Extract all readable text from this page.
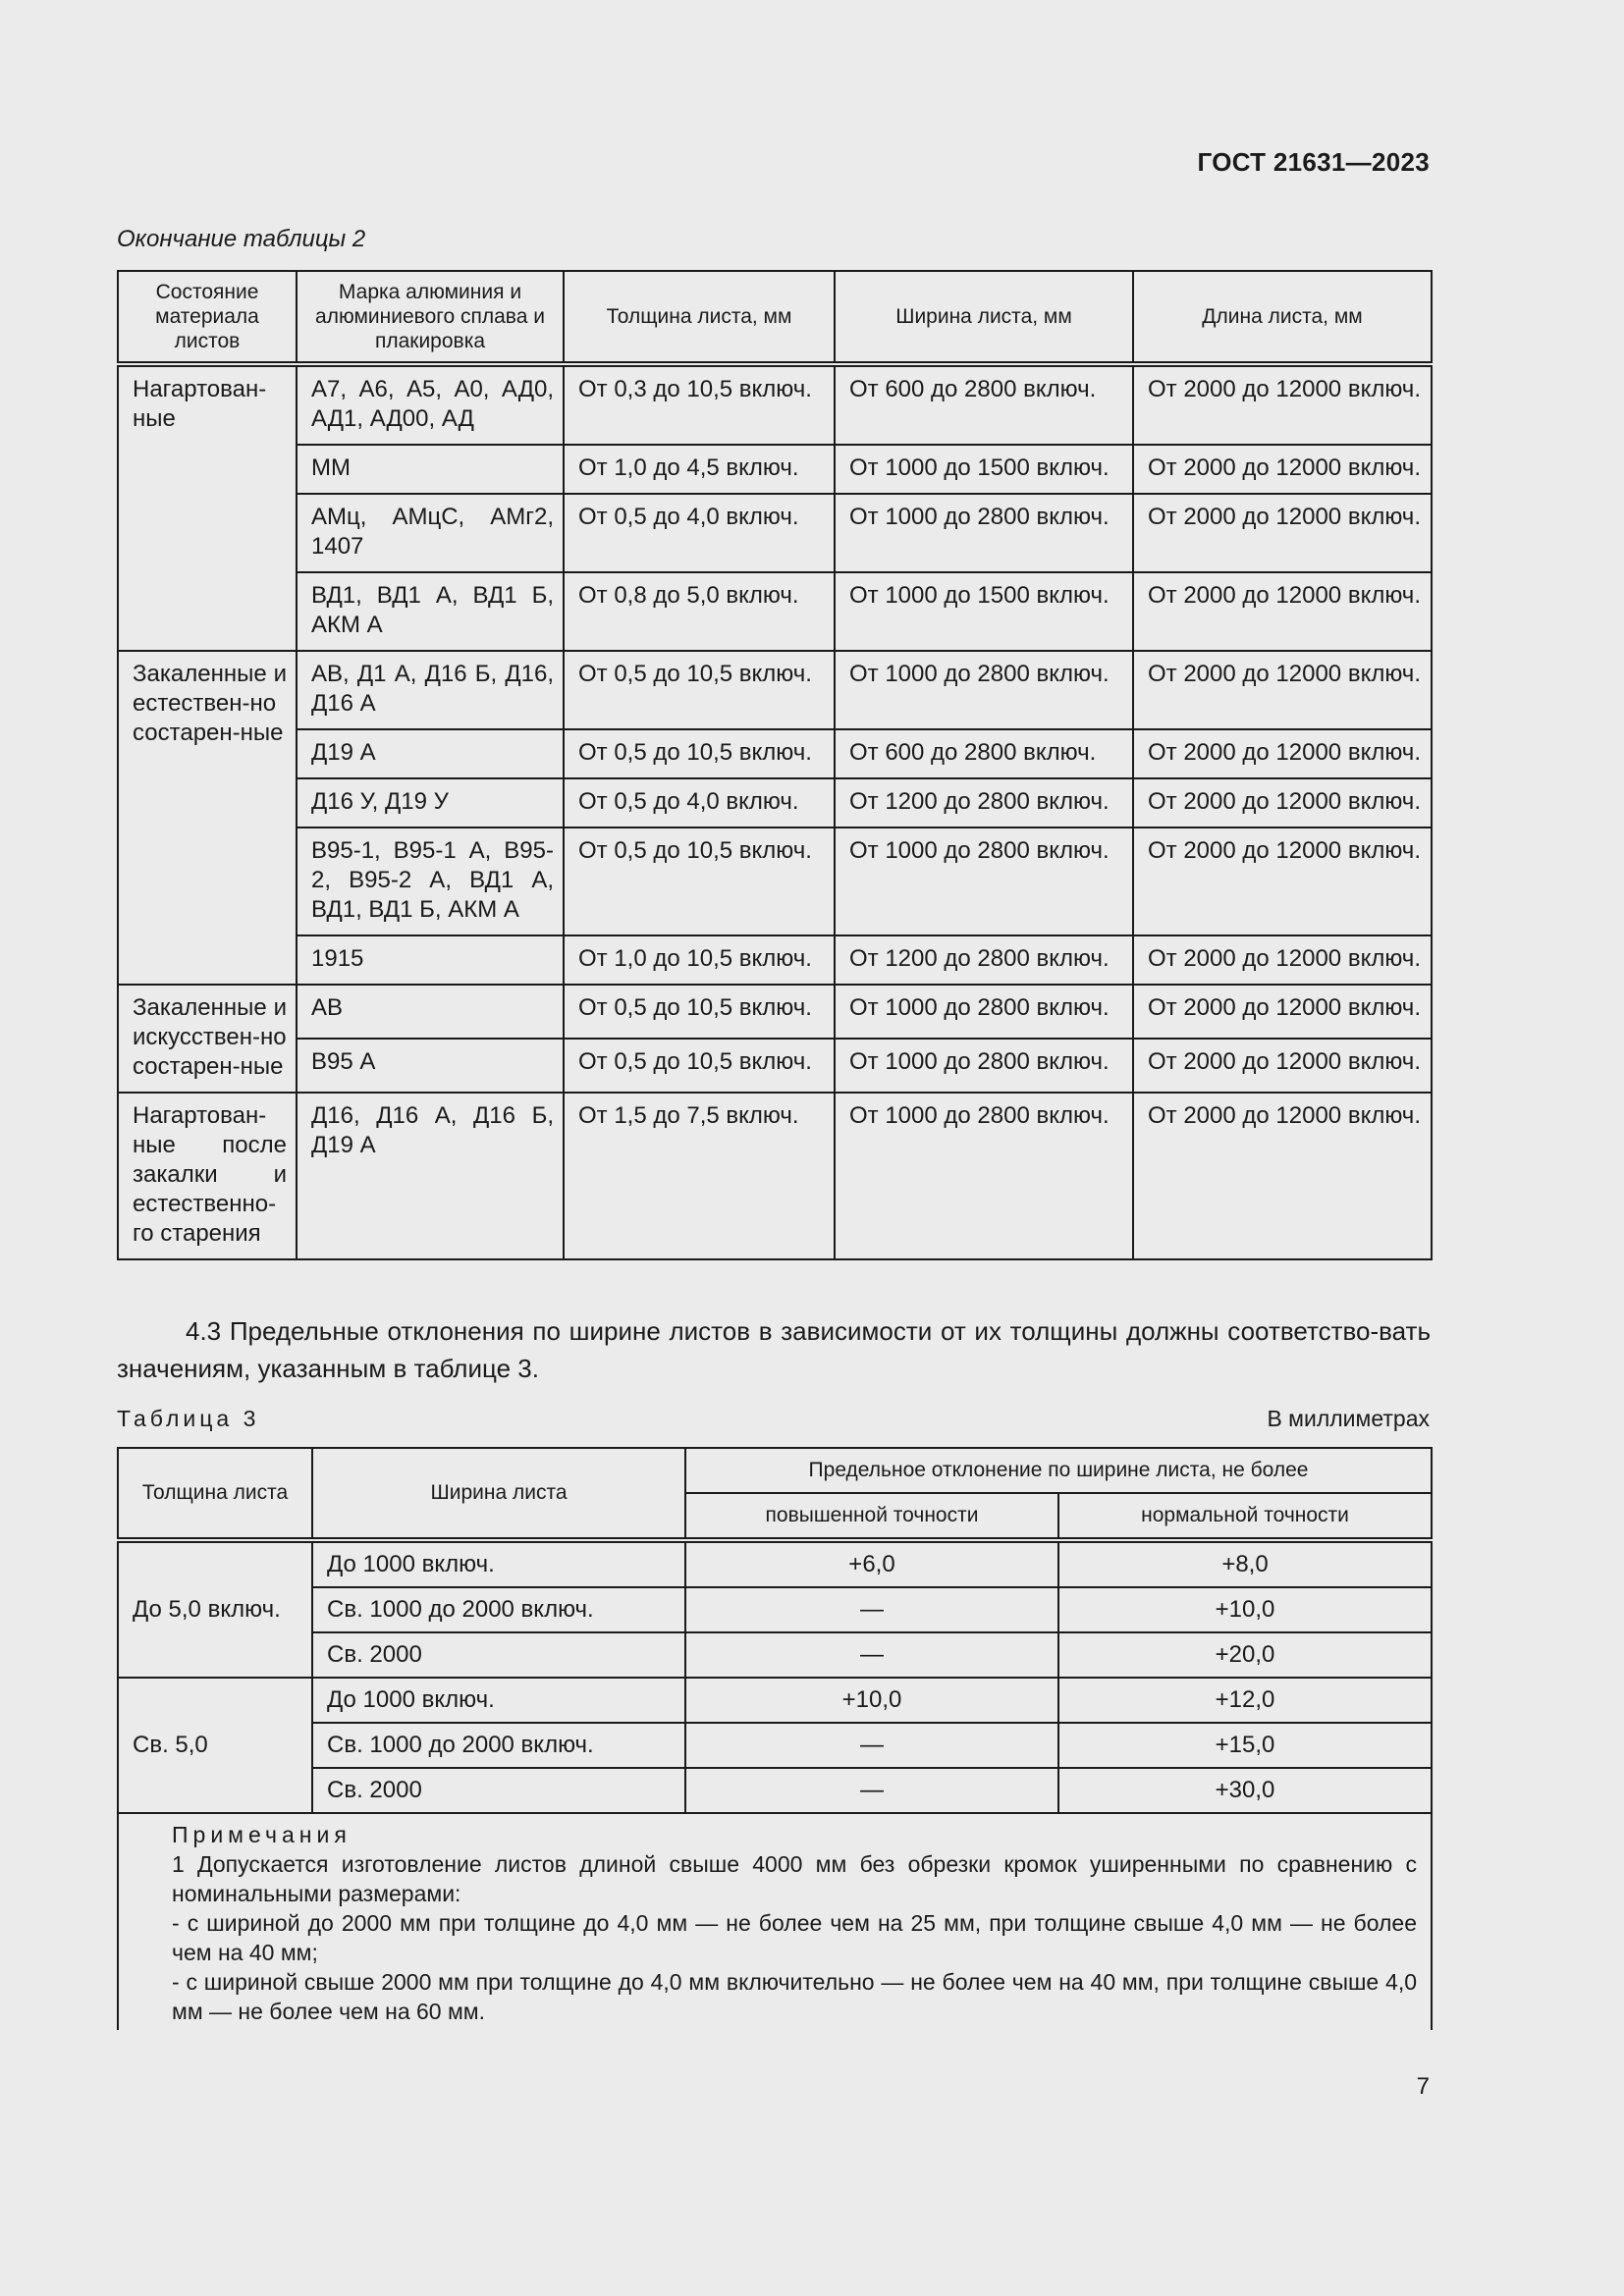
ГОСТ 21631—2023
Окончание таблицы 2
Состояние материала листов	Марка алюминия и алюминиевого сплава и плакировка	Толщина листа, мм	Ширина листа, мм	Длина листа, мм
Нагартован-ные	А7, А6, А5, А0, АД0, АД1, АД00, АД	От 0,3 до 10,5 включ.	От 600 до 2800 включ.	От 2000 до 12000 включ.
	ММ	От 1,0 до 4,5 включ.	От 1000 до 1500 включ.	От 2000 до 12000 включ.
	АМц, АМцС, АМг2, 1407	От 0,5 до 4,0 включ.	От 1000 до 2800 включ.	От 2000 до 12000 включ.
	ВД1, ВД1 А, ВД1 Б, АКМ А	От 0,8 до 5,0 включ.	От 1000 до 1500 включ.	От 2000 до 12000 включ.
Закаленные и естествен-но состарен-ные	АВ, Д1 А, Д16 Б, Д16, Д16 А	От 0,5 до 10,5 включ.	От 1000 до 2800 включ.	От 2000 до 12000 включ.
	Д19 А	От 0,5 до 10,5 включ.	От 600 до 2800 включ.	От 2000 до 12000 включ.
	Д16 У, Д19 У	От 0,5 до 4,0 включ.	От 1200 до 2800 включ.	От 2000 до 12000 включ.
	В95-1, В95-1 А, В95-2, В95-2 А, ВД1 А, ВД1, ВД1 Б, АКМ А	От 0,5 до 10,5 включ.	От 1000 до 2800 включ.	От 2000 до 12000 включ.
	1915	От 1,0 до 10,5 включ.	От 1200 до 2800 включ.	От 2000 до 12000 включ.
Закаленные и искусствен-но состарен-ные	АВ	От 0,5 до 10,5 включ.	От 1000 до 2800 включ.	От 2000 до 12000 включ.
	В95 А	От 0,5 до 10,5 включ.	От 1000 до 2800 включ.	От 2000 до 12000 включ.
Нагартован-ные после закалки и естественно-го старения	Д16, Д16 А, Д16 Б, Д19 А	От 1,5 до 7,5 включ.	От 1000 до 2800 включ.	От 2000 до 12000 включ.
4.3 Предельные отклонения по ширине листов в зависимости от их толщины должны соответство-вать значениям, указанным в таблице 3.
Таблица 3	В миллиметрах
Толщина листа	Ширина листа	Предельное отклонение по ширине листа, не более	
		повышенной точности	нормальной точности
До 5,0 включ.	До 1000 включ.	+6,0	+8,0
	Св. 1000 до 2000 включ.	—	+10,0
	Св. 2000	—	+20,0
Св. 5,0	До 1000 включ.	+10,0	+12,0
	Св. 1000 до 2000 включ.	—	+15,0
	Св. 2000	—	+30,0

Примечания
1 Допускается изготовление листов длиной свыше 4000 мм без обрезки кромок уширенными по сравнению с номинальными размерами:
- с шириной до 2000 мм при толщине до 4,0 мм — не более чем на 25 мм, при толщине свыше 4,0 мм — не более чем на 40 мм;
- с шириной свыше 2000 мм при толщине до 4,0 мм включительно — не более чем на 40 мм, при толщине свыше 4,0 мм — не более чем на 60 мм.			
7
